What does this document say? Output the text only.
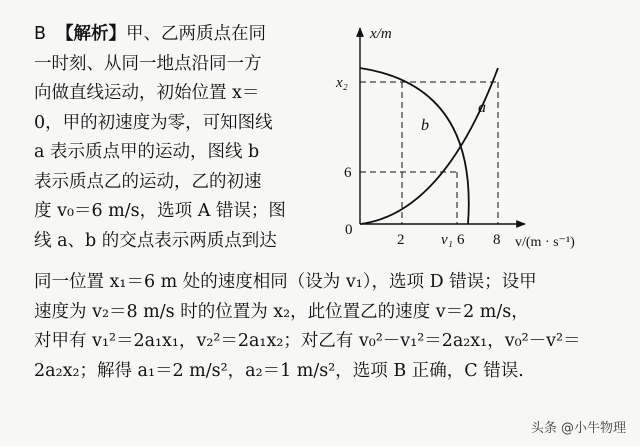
B 【解析】甲、乙两质点在同
一时刻、从同一地点沿同一方
向做直线运动，初始位置 x＝
0，甲的初速度为零，可知图线
a 表示质点甲的运动，图线 b
表示质点乙的运动，乙的初速
度 v₀＝6 m/s，选项 A 错误；图
线 a、b 的交点表示两质点到达
x/m
v/(m · s⁻¹)
0
a
b
x₂
6
2 v₁ 6 8
同一位置 x₁＝6 m 处的速度相同（设为 v₁），选项 D 错误；设甲
速度为 v₂＝8 m/s 时的位置为 x₂，此位置乙的速度 v＝2 m/s，
对甲有 v₁²＝2a₁x₁，v₂²＝2a₁x₂；对乙有 v₀²－v₁²＝2a₂x₁，v₀²－v²＝
2a₂x₂；解得 a₁＝2 m/s²，a₂＝1 m/s²，选项 B 正确，C 错误.
头条 @小牛物理
